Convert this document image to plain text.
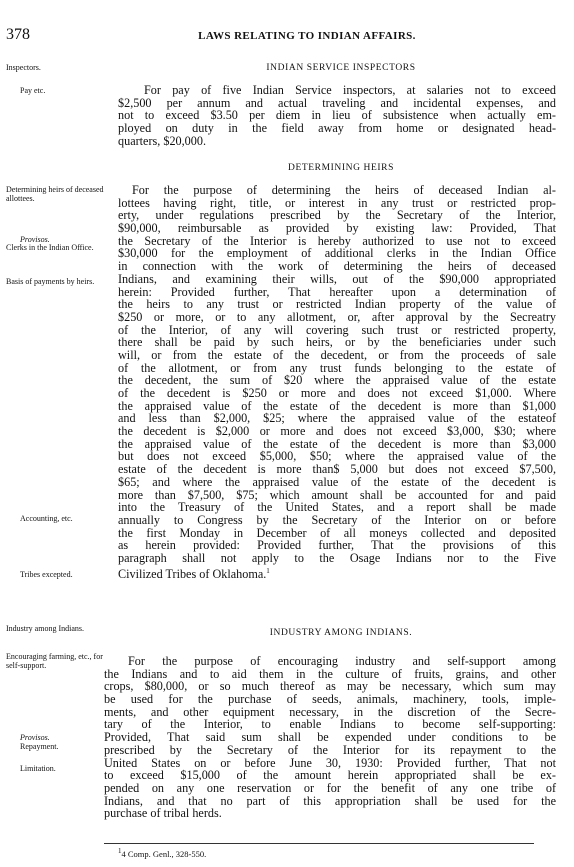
378	LAWS RELATING TO INDIAN AFFAIRS.
INDIAN SERVICE INSPECTORS
Inspectors.
Pay etc.	For pay of five Indian Service inspectors, at salaries not to exceed
$2,500 per annum and actual traveling and incidental expenses, and
not to exceed $3.50 per diem in lieu of subsistence when actually em-
ployed on duty in the field away from home or designated head-
quarters, $20,000.
DETERMINING HEIRS
Determining heirs of deceased allottees.
Provisos.
Clerks in the Indian Office.
Basis of payments by heirs.
Accounting, etc.
Tribes excepted.
For the purpose of determining the heirs of deceased Indian al-
lottees having right, title, or interest in any trust or restricted prop-
erty, under regulations prescribed by the Secretary of the Interior,
$90,000, reimbursable as provided by existing law: Provided, That
the Secretary of the Interior is hereby authorized to use not to exceed
$30,000 for the employment of additional clerks in the Indian Office
in connection with the work of determining the heirs of deceased
Indians, and examining their wills, out of the $90,000 appropriated
herein: Provided further, That hereafter upon a determination of
the heirs to any trust or restricted Indian property of the value of
$250 or more, or to any allotment, or, after approval by the Secreatry
of the Interior, of any will covering such trust or restricted property,
there shall be paid by such heirs, or by the beneficiaries under such
will, or from the estate of the decedent, or from the proceeds of sale
of the allotment, or from any trust funds belonging to the estate of
the decedent, the sum of $20 where the appraised value of the estate
of the decedent is $250 or more and does not exceed $1,000. Where
the appraised value of the estate of the decedent is more than $1,000
and less than $2,000, $25; where the appraised value of the estateof
the decedent is $2,000 or more and does not exceed $3,000, $30; where
the appraised value of the estate of the decedent is more than $3,000
but does not exceed $5,000, $50; where the appraised value of the
estate of the decedent is more than$ 5,000 but does not exceed $7,500,
$65; and where the appraised value of the estate of the decedent is
more than $7,500, $75; which amount shall be accounted for and paid
into the Treasury of the United States, and a report shall be made
annually to Congress by the Secretary of the Interior on or before
the first Monday in December of all moneys collected and deposited
as herein provided: Provided further, That the provisions of this
paragraph shall not apply to the Osage Indians nor to the Five
Civilized Tribes of Oklahoma.$^1$
Industry among Indians.	INDUSTRY AMONG INDIANS.
Encouraging farming, etc., for self-support.
Provisos.
Repayment.
Limitation.
For the purpose of encouraging industry and self-support among
the Indians and to aid them in the culture of fruits, grains, and other
crops, $80,000, or so much thereof as may be necessary, which sum may
be used for the purchase of seeds, animals, machinery, tools, imple-
ments, and other equipment necessary, in the discretion of the Secre-
tary of the Interior, to enable Indians to become self-supporting:
Provided, That said sum shall be expended under conditions to be
prescribed by the Secretary of the Interior for its repayment to the
United States on or before June 30, 1930: Provided further, That not
to exceed $15,000 of the amount herein appropriated shall be ex-
pended on any one reservation or for the benefit of any one tribe of
Indians, and that no part of this appropriation shall be used for the
purchase of tribal herds.
$^1$4 Comp. Genl., 328-550.
